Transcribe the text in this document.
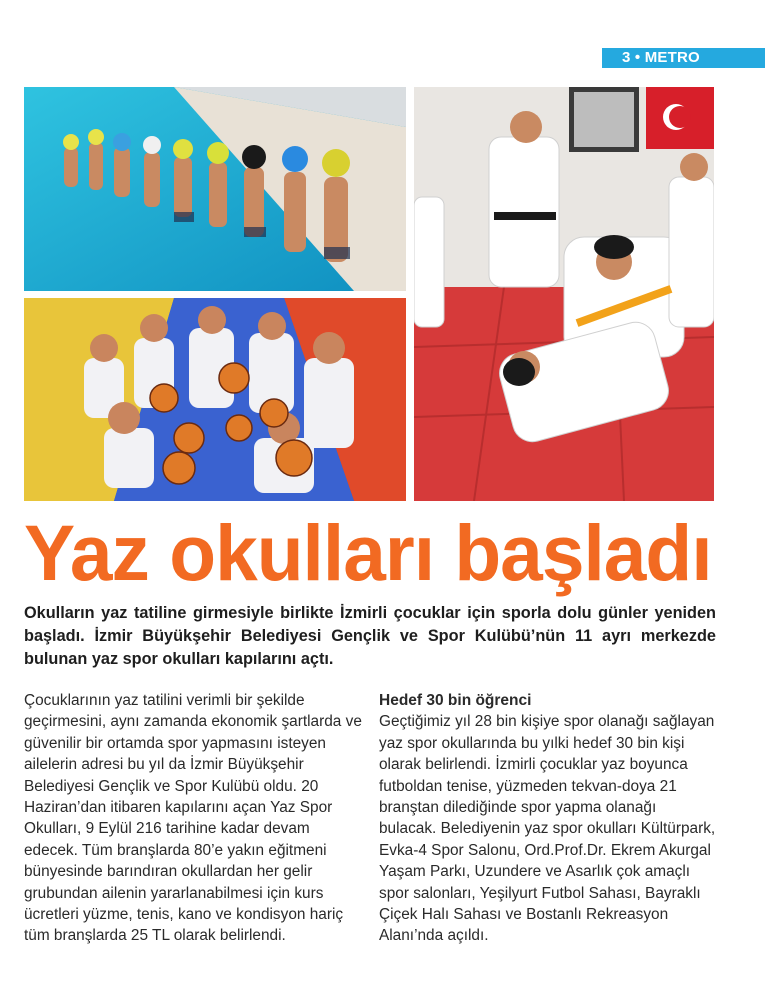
3 • METRO
Yaz okulları başladı
Okulların yaz tatiline girmesiyle birlikte İzmirli çocuklar için sporla dolu günler yeniden başladı. İzmir Büyükşehir Belediyesi Gençlik ve Spor Kulübü’nün 11 ayrı merkezde bulunan yaz spor okulları kapılarını açtı.

Çocuklarının yaz tatilini verimli bir şekilde geçirmesini, aynı zamanda ekonomik şartlarda ve güvenilir bir ortamda spor yapmasını isteyen ailelerin adresi bu yıl da İzmir Büyükşehir Belediyesi Gençlik ve Spor Kulübü oldu. 20 Haziran’dan itibaren kapılarını açan Yaz Spor Okulları, 9 Eylül 216 tarihine kadar devam edecek. Tüm branşlarda 80’e yakın eğitmeni bünyesinde barındıran okullardan her gelir grubundan ailenin yararlanabilmesi için kurs ücretleri yüzme, tenis, kano ve kondisyon hariç tüm branşlarda 25 TL olarak belirlendi.

Hedef 30 bin öğrenci

Geçtiğimiz yıl 28 bin kişiye spor olanağı sağlayan yaz spor okullarında bu yılki hedef 30 bin kişi olarak belirlendi. İzmirli çocuklar yaz boyunca futboldan tenise, yüzmeden tekvan-doya 21 branştan dilediğinde spor yapma olanağı bulacak. Belediyenin yaz spor okulları Kültürpark, Evka-4 Spor Salonu, Ord.Prof.Dr. Ekrem Akurgal Yaşam Parkı, Uzundere ve Asarlık çok amaçlı spor salonları, Yeşilyurt Futbol Sahası, Bayraklı Çiçek Halı Sahası ve Bostanlı Rekreasyon Alanı’nda açıldı.
